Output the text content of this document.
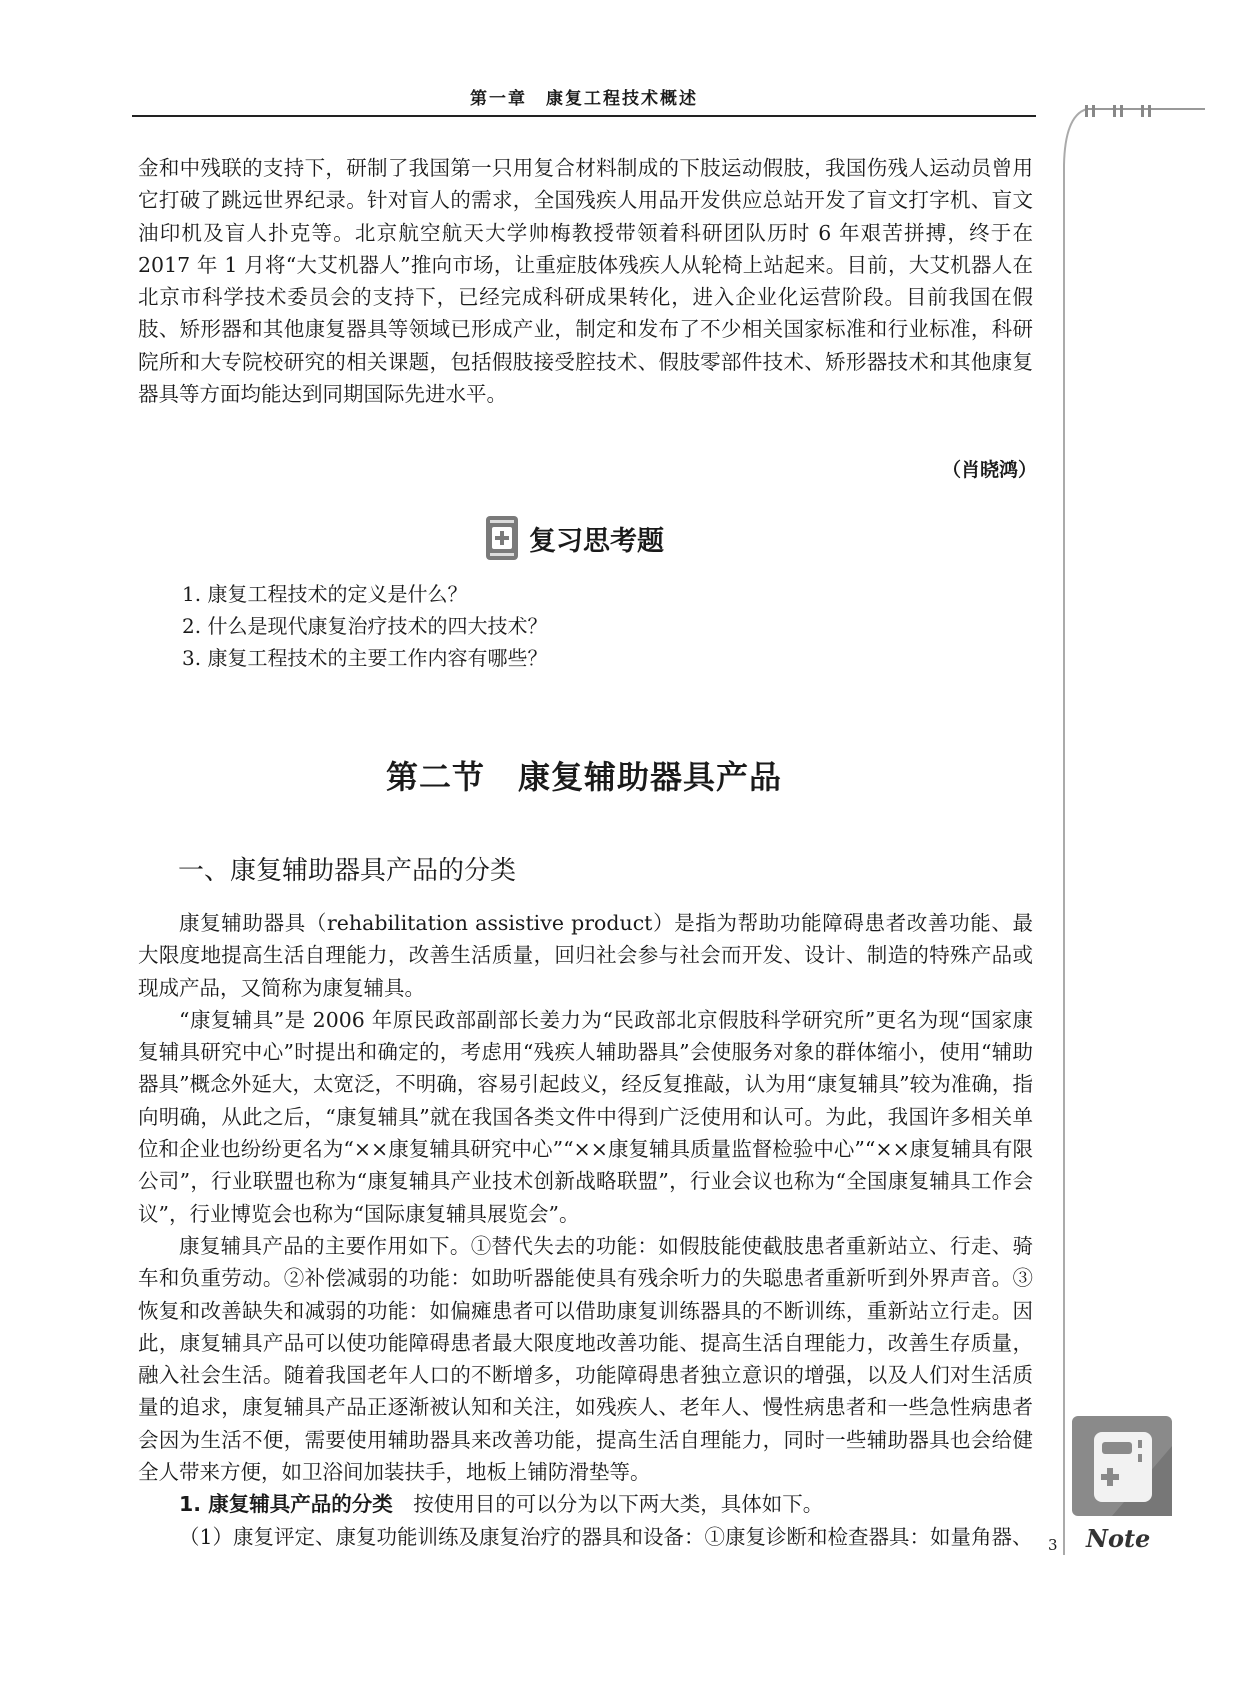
第一章　康复工程技术概述

金和中残联的支持下，研制了我国第一只用复合材料制成的下肢运动假肢，我国伤残人运动员曾用它打破了跳远世界纪录。针对盲人的需求，全国残疾人用品开发供应总站开发了盲文打字机、盲文油印机及盲人扑克等。北京航空航天大学帅梅教授带领着科研团队历时 6 年艰苦拼搏，终于在 2017 年 1 月将“大艾机器人”推向市场，让重症肢体残疾人从轮椅上站起来。目前，大艾机器人在北京市科学技术委员会的支持下，已经完成科研成果转化，进入企业化运营阶段。目前我国在假肢、矫形器和其他康复器具等领域已形成产业，制定和发布了不少相关国家标准和行业标准，科研院所和大专院校研究的相关课题，包括假肢接受腔技术、假肢零部件技术、矫形器技术和其他康复器具等方面均能达到同期国际先进水平。

（肖晓鸿）
复习思考题
1. 康复工程技术的定义是什么？
2. 什么是现代康复治疗技术的四大技术？
3. 康复工程技术的主要工作内容有哪些？
第二节　康复辅助器具产品
一、康复辅助器具产品的分类

康复辅助器具（rehabilitation assistive product）是指为帮助功能障碍患者改善功能、最大限度地提高生活自理能力，改善生活质量，回归社会参与社会而开发、设计、制造的特殊产品或现成产品，又简称为康复辅具。

“康复辅具”是 2006 年原民政部副部长姜力为“民政部北京假肢科学研究所”更名为现“国家康复辅具研究中心”时提出和确定的，考虑用“残疾人辅助器具”会使服务对象的群体缩小，使用“辅助器具”概念外延大，太宽泛，不明确，容易引起歧义，经反复推敲，认为用“康复辅具”较为准确，指向明确，从此之后，“康复辅具”就在我国各类文件中得到广泛使用和认可。为此，我国许多相关单位和企业也纷纷更名为“××康复辅具研究中心”“××康复辅具质量监督检验中心”“××康复辅具有限公司”，行业联盟也称为“康复辅具产业技术创新战略联盟”，行业会议也称为“全国康复辅具工作会议”，行业博览会也称为“国际康复辅具展览会”。

康复辅具产品的主要作用如下。①替代失去的功能：如假肢能使截肢患者重新站立、行走、骑车和负重劳动。②补偿减弱的功能：如助听器能使具有残余听力的失聪患者重新听到外界声音。③恢复和改善缺失和减弱的功能：如偏瘫患者可以借助康复训练器具的不断训练，重新站立行走。因此，康复辅具产品可以使功能障碍患者最大限度地改善功能、提高生活自理能力，改善生存质量，融入社会生活。随着我国老年人口的不断增多，功能障碍患者独立意识的增强，以及人们对生活质量的追求，康复辅具产品正逐渐被认知和关注，如残疾人、老年人、慢性病患者和一些急性病患者会因为生活不便，需要使用辅助器具来改善功能，提高生活自理能力，同时一些辅助器具也会给健全人带来方便，如卫浴间加装扶手，地板上铺防滑垫等。

1. 康复辅具产品的分类　按使用目的可以分为以下两大类，具体如下。

（1）康复评定、康复功能训练及康复治疗的器具和设备：①康复诊断和检查器具：如量角器、 Note
3
